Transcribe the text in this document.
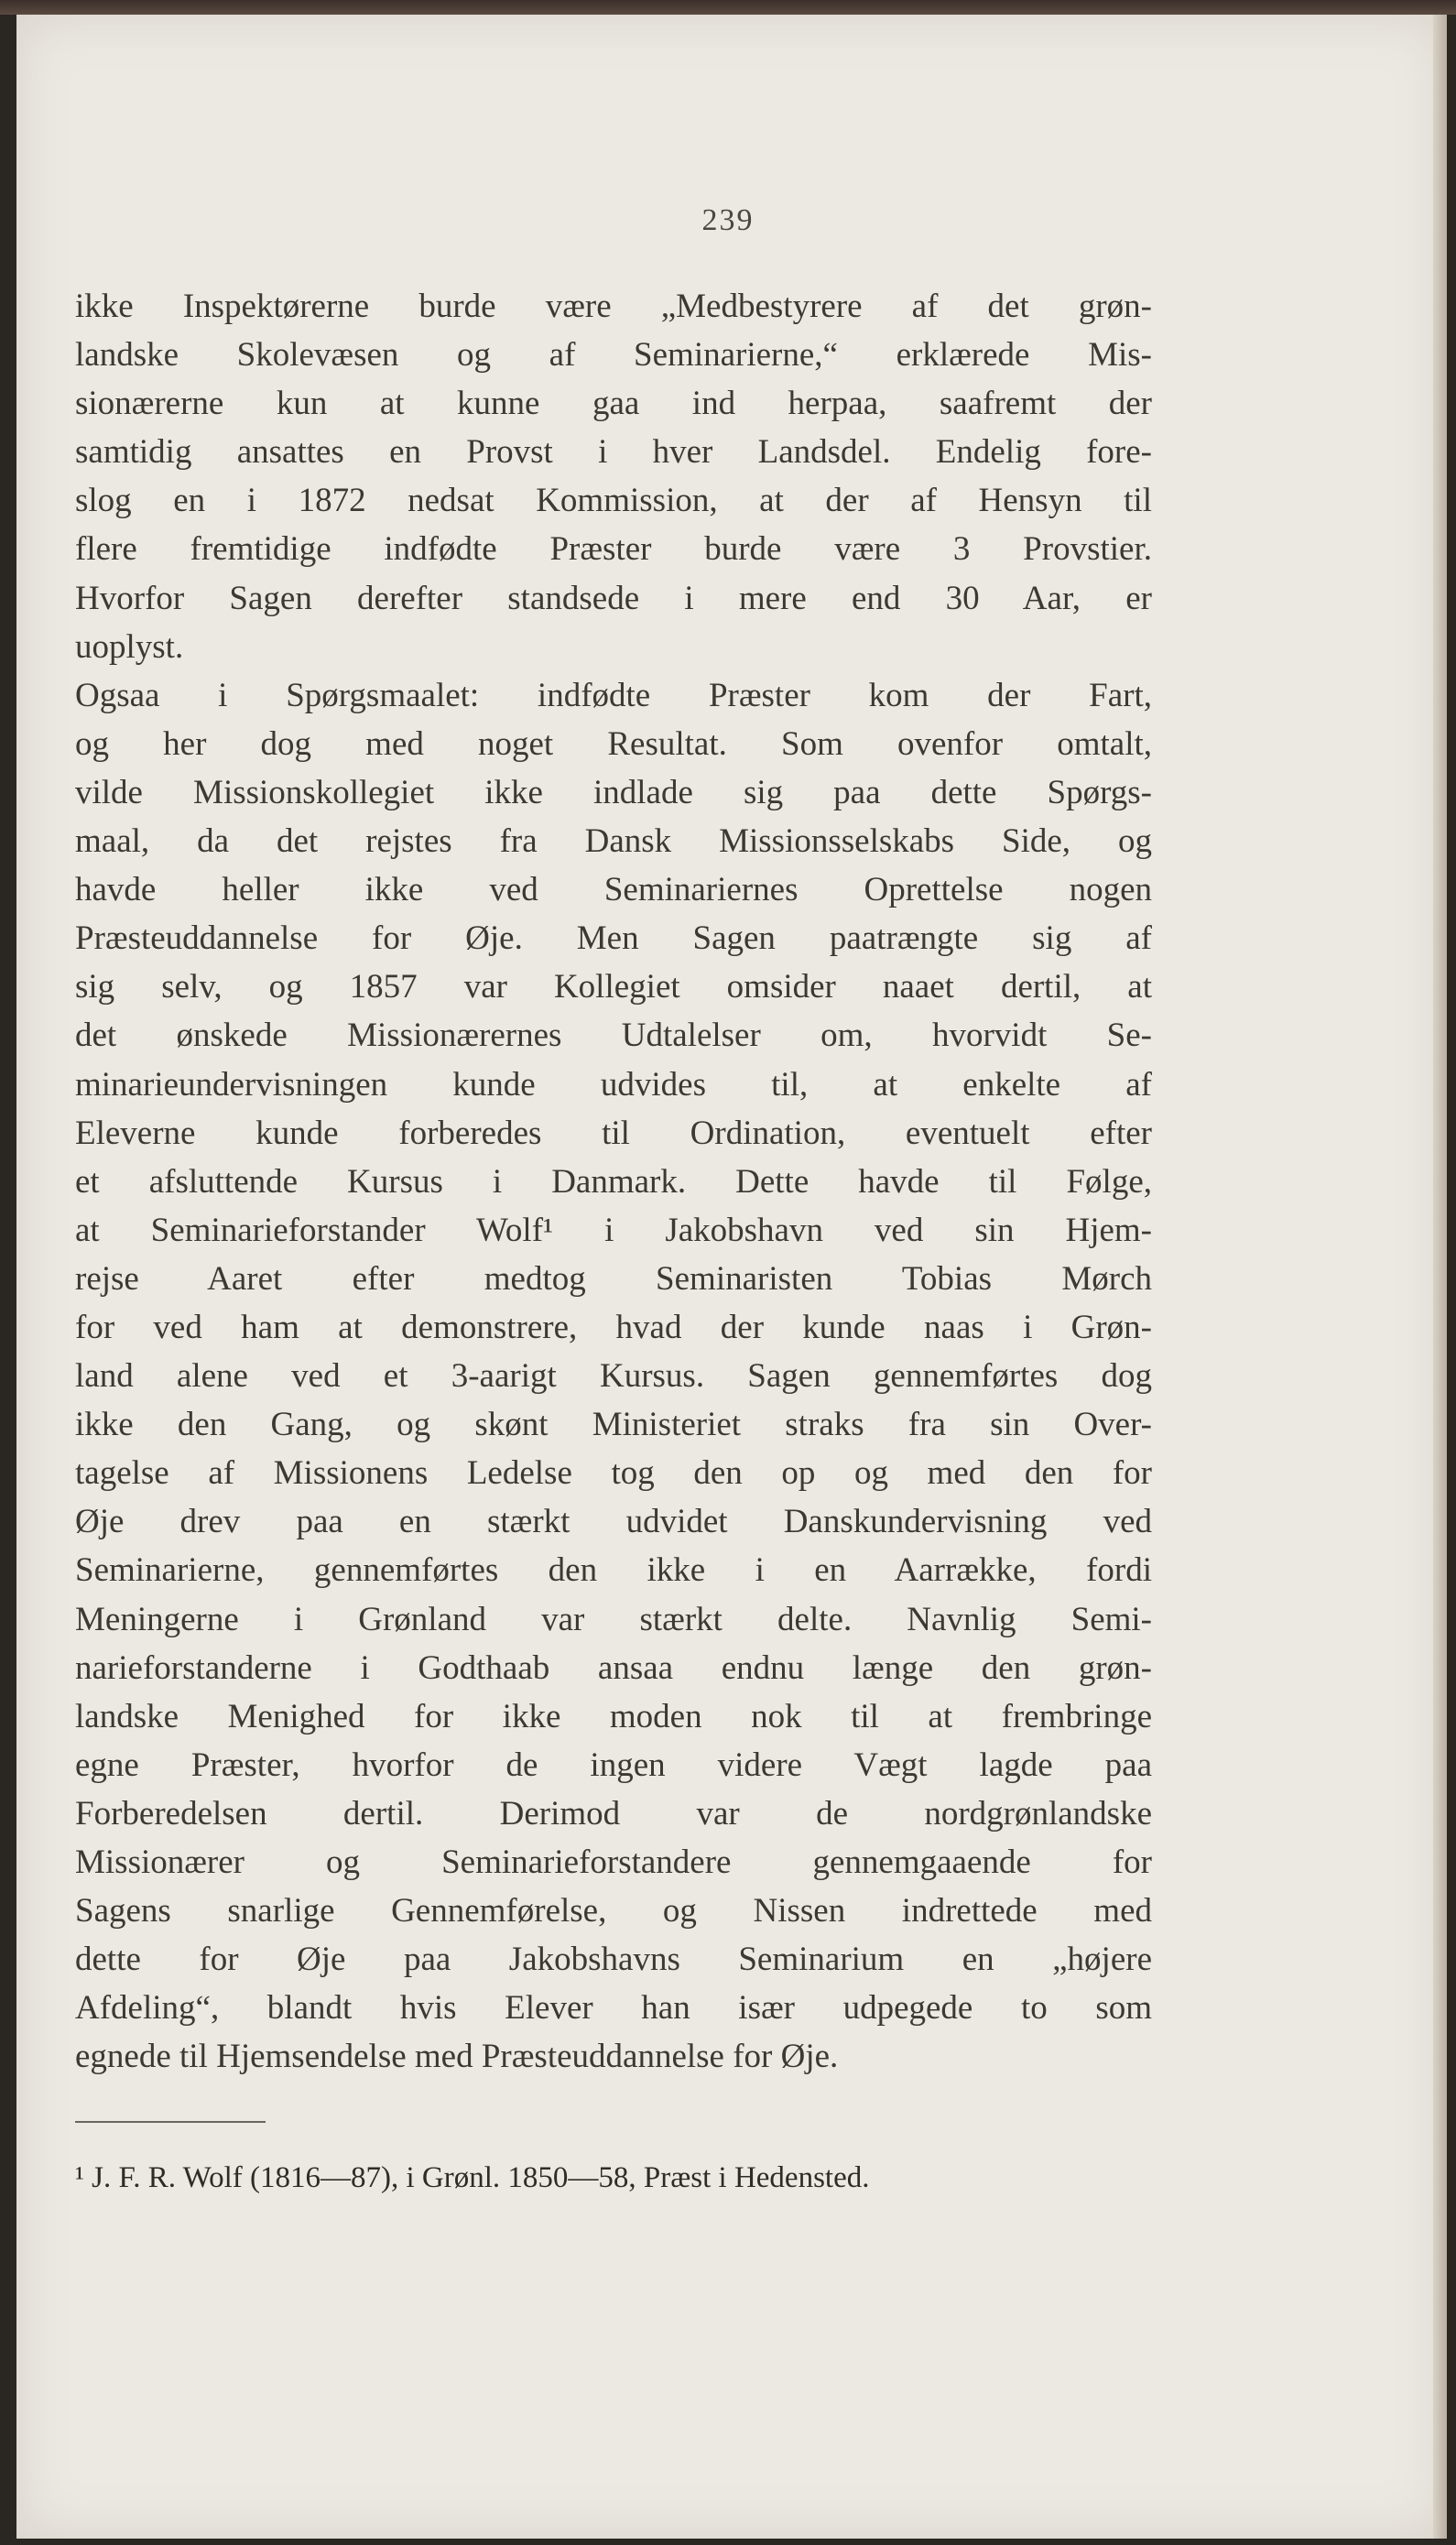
239
ikke Inspektørerne burde være „Medbestyrere af det grøn-
landske Skolevæsen og af Seminarierne,“ erklærede Mis-
sionærerne kun at kunne gaa ind herpaa, saafremt der
samtidig ansattes en Provst i hver Landsdel. Endelig fore-
slog en i 1872 nedsat Kommission, at der af Hensyn til
flere fremtidige indfødte Præster burde være 3 Provstier.
Hvorfor Sagen derefter standsede i mere end 30 Aar, er
uoplyst.
Ogsaa i Spørgsmaalet: indfødte Præster kom der Fart,
og her dog med noget Resultat. Som ovenfor omtalt,
vilde Missionskollegiet ikke indlade sig paa dette Spørgs-
maal, da det rejstes fra Dansk Missionsselskabs Side, og
havde heller ikke ved Seminariernes Oprettelse nogen
Præsteuddannelse for Øje. Men Sagen paatrængte sig af
sig selv, og 1857 var Kollegiet omsider naaet dertil, at
det ønskede Missionærernes Udtalelser om, hvorvidt Se-
minarieundervisningen kunde udvides til, at enkelte af
Eleverne kunde forberedes til Ordination, eventuelt efter
et afsluttende Kursus i Danmark. Dette havde til Følge,
at Seminarieforstander Wolf¹ i Jakobshavn ved sin Hjem-
rejse Aaret efter medtog Seminaristen Tobias Mørch
for ved ham at demonstrere, hvad der kunde naas i Grøn-
land alene ved et 3-aarigt Kursus. Sagen gennemførtes dog
ikke den Gang, og skønt Ministeriet straks fra sin Over-
tagelse af Missionens Ledelse tog den op og med den for
Øje drev paa en stærkt udvidet Danskundervisning ved
Seminarierne, gennemførtes den ikke i en Aarrække, fordi
Meningerne i Grønland var stærkt delte. Navnlig Semi-
narieforstanderne i Godthaab ansaa endnu længe den grøn-
landske Menighed for ikke moden nok til at frembringe
egne Præster, hvorfor de ingen videre Vægt lagde paa
Forberedelsen dertil. Derimod var de nordgrønlandske
Missionærer og Seminarieforstandere gennemgaaende for
Sagens snarlige Gennemførelse, og Nissen indrettede med
dette for Øje paa Jakobshavns Seminarium en „højere
Afdeling“, blandt hvis Elever han især udpegede to som
egnede til Hjemsendelse med Præsteuddannelse for Øje.
¹ J. F. R. Wolf (1816—87), i Grønl. 1850—58, Præst i Hedensted.
